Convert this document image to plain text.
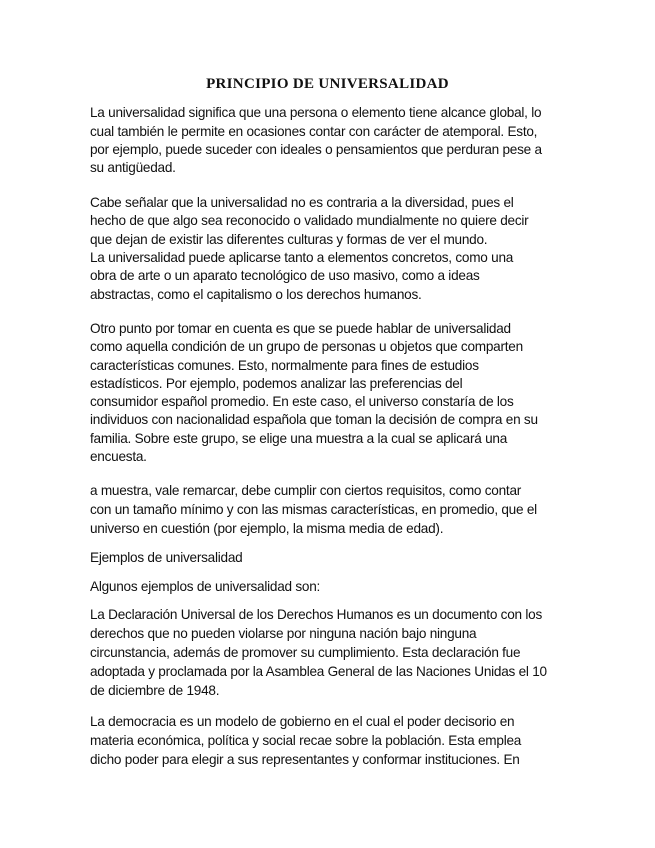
PRINCIPIO DE UNIVERSALIDAD
La universalidad significa que una persona o elemento tiene alcance global, lo
cual también le permite en ocasiones contar con carácter de atemporal. Esto,
por ejemplo, puede suceder con ideales o pensamientos que perduran pese a
su antigüedad.
Cabe señalar que la universalidad no es contraria a la diversidad, pues el
hecho de que algo sea reconocido o validado mundialmente no quiere decir
que dejan de existir las diferentes culturas y formas de ver el mundo.
La universalidad puede aplicarse tanto a elementos concretos, como una
obra de arte o un aparato tecnológico de uso masivo, como a ideas
abstractas, como el capitalismo o los derechos humanos.
Otro punto por tomar en cuenta es que se puede hablar de universalidad
como aquella condición de un grupo de personas u objetos que comparten
características comunes. Esto, normalmente para fines de estudios
estadísticos. Por ejemplo, podemos analizar las preferencias del
consumidor español promedio. En este caso, el universo constaría de los
individuos con nacionalidad española que toman la decisión de compra en su
familia. Sobre este grupo, se elige una muestra a la cual se aplicará una
encuesta.
a muestra, vale remarcar, debe cumplir con ciertos requisitos, como contar
con un tamaño mínimo y con las mismas características, en promedio, que el
universo en cuestión (por ejemplo, la misma media de edad).
Ejemplos de universalidad
Algunos ejemplos de universalidad son:
La Declaración Universal de los Derechos Humanos es un documento con los
derechos que no pueden violarse por ninguna nación bajo ninguna
circunstancia, además de promover su cumplimiento. Esta declaración fue
adoptada y proclamada por la Asamblea General de las Naciones Unidas el 10
de diciembre de 1948.
La democracia es un modelo de gobierno en el cual el poder decisorio en
materia económica, política y social recae sobre la población. Esta emplea
dicho poder para elegir a sus representantes y conformar instituciones. En
